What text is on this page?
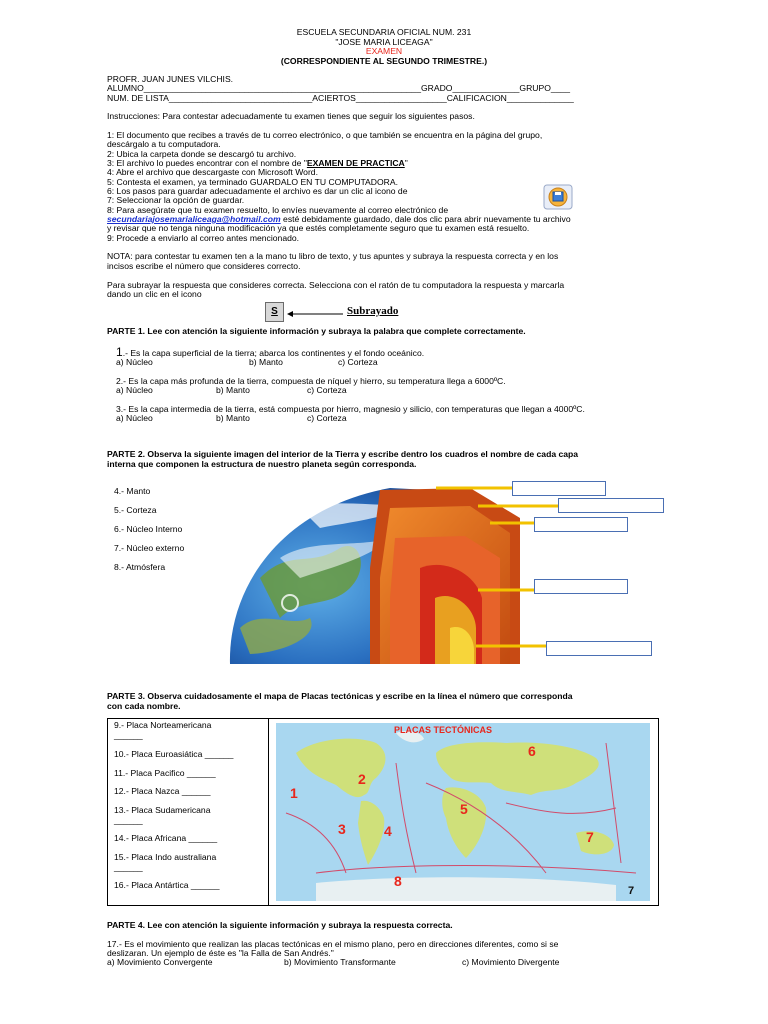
ESCUELA SECUNDARIA OFICIAL NUM. 231
"JOSE MARIA LICEAGA"
EXAMEN
(CORRESPONDIENTE AL SEGUNDO TRIMESTRE.)
PROFR. JUAN JUNES VILCHIS.
ALUMNO__________________________________________________________GRADO______________GRUPO____
NUM. DE LISTA______________________________ACIERTOS___________________CALIFICACION______________
Instrucciones: Para contestar adecuadamente tu examen tienes que seguir los siguientes pasos.
1: El documento que recibes a través de tu correo electrónico, o que también se encuentra en la página del grupo,
descárgalo a tu computadora.
2: Ubica la carpeta donde se descargó tu archivo.
3: El archivo lo puedes encontrar con el nombre de "EXAMEN DE PRACTICA"
4: Abre el archivo que descargaste con Microsoft Word.
5: Contesta el examen, ya terminado GUARDALO EN TU COMPUTADORA.
6: Los pasos para guardar adecuadamente el archivo es dar un clic al icono de
7: Seleccionar la opción de guardar.
8: Para asegúrate que tu examen resuelto, lo envíes nuevamente al correo electrónico de
secundariajosemarialiceaga@hotmail.com esté debidamente guardado, dale dos clic para abrir nuevamente tu archivo
y revisar que no tenga ninguna modificación ya que estés completamente seguro que tu examen está resuelto.
9: Procede a enviarlo al correo antes mencionado.
NOTA: para contestar tu examen ten a la mano tu libro de texto, y tus apuntes y subraya la respuesta correcta y en los
incisos escribe el número que consideres correcto.
Para subrayar la respuesta que consideres correcta. Selecciona con el ratón de tu computadora la respuesta y marcarla
dando un clic en el icono
S	Subrayado
PARTE 1. Lee con atención la siguiente información y subraya la palabra que complete correctamente.
1.- Es la capa superficial de la tierra; abarca los continentes y el fondo oceánico.
a) Núcleo	b) Manto	c) Corteza
2.- Es la capa más profunda de la tierra, compuesta de níquel y hierro, su temperatura llega a 6000ºC.
a) Núcleo	b) Manto	c) Corteza
3.- Es la capa intermedia de la tierra, está compuesta por hierro, magnesio y silicio, con temperaturas que llegan a 4000ºC.
a) Núcleo	b) Manto	c) Corteza
PARTE 2. Observa la siguiente imagen del interior de la Tierra y escribe dentro los cuadros el nombre de cada capa
interna que componen la estructura de nuestro planeta según corresponda.
4.- Manto
5.- Corteza
6.- Núcleo Interno
7.- Núcleo externo
8.- Atmósfera
PARTE 3. Observa cuidadosamente el mapa de Placas tectónicas y escribe en la línea el número que corresponda
con cada nombre.
9.- Placa Norteamericana
______
10.- Placa Euroasiática ______
11.- Placa Pacifico ______
12.- Placa Nazca ______
13.- Placa Sudamericana
______
14.- Placa Africana ______
15.- Placa Indo australiana
______
16.- Placa Antártica ______
PLACAS TECTÓNICAS
1
2
3	4
5
6
7
8
7
PARTE 4. Lee con atención la siguiente información y subraya la respuesta correcta.
17.- Es el movimiento que realizan las placas tectónicas en el mismo plano, pero en direcciones diferentes, como si se
deslizaran. Un ejemplo de éste es "la Falla de San Andrés."
a) Movimiento Convergente	b) Movimiento Transformante	c) Movimiento Divergente
